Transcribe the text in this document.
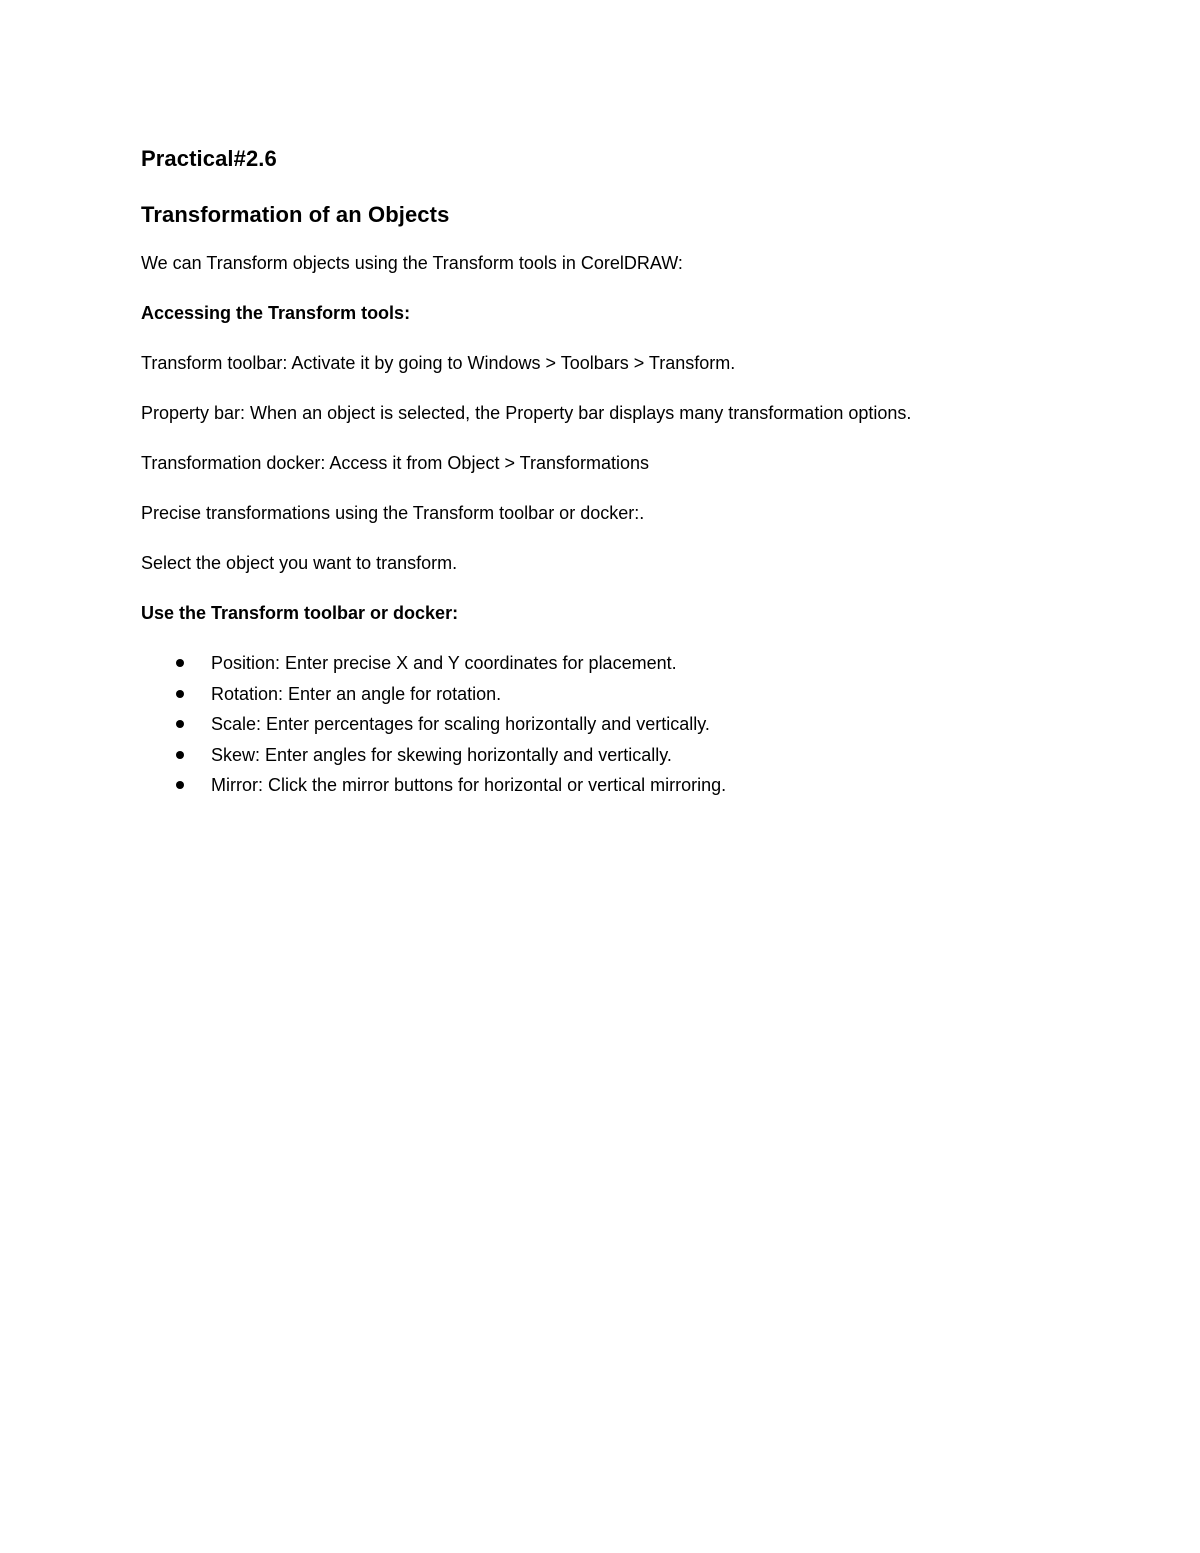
Practical#2.6
Transformation of an Objects

We can Transform objects using the Transform tools in CorelDRAW:

Accessing the Transform tools:

Transform toolbar: Activate it by going to Windows > Toolbars > Transform.

Property bar: When an object is selected, the Property bar displays many transformation options.

Transformation docker: Access it from Object > Transformations

Precise transformations using the Transform toolbar or docker:.

Select the object you want to transform.

Use the Transform toolbar or docker:

Position: Enter precise X and Y coordinates for placement.
Rotation: Enter an angle for rotation.
Scale: Enter percentages for scaling horizontally and vertically.
Skew: Enter angles for skewing horizontally and vertically.
Mirror: Click the mirror buttons for horizontal or vertical mirroring.
